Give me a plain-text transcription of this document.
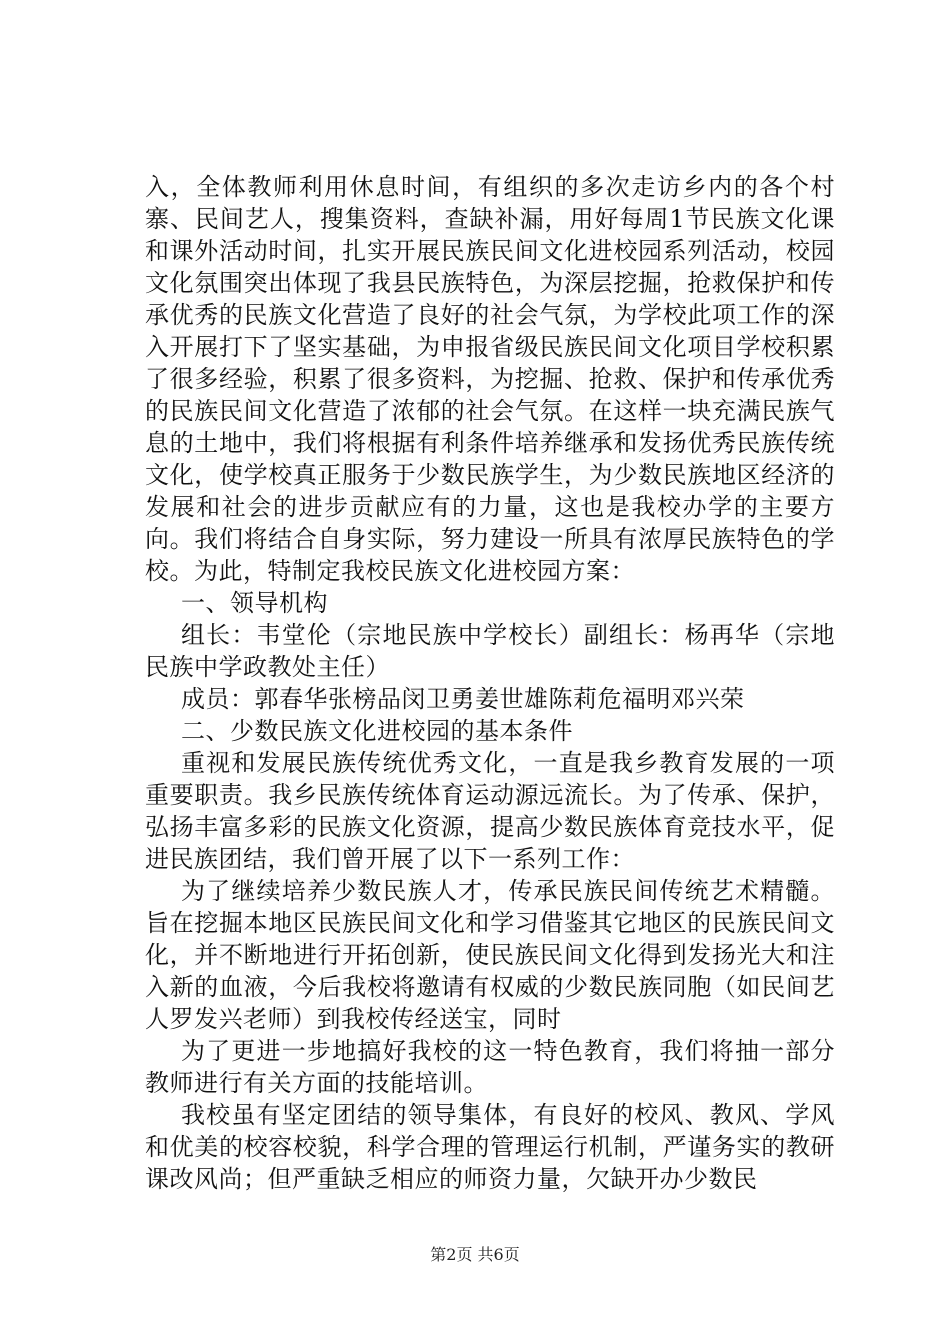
入，全体教师利用休息时间，有组织的多次走访乡内的各个村寨、民间艺人，搜集资料，查缺补漏，用好每周1节民族文化课和课外活动时间，扎实开展民族民间文化进校园系列活动，校园文化氛围突出体现了我县民族特色，为深层挖掘，抢救保护和传承优秀的民族文化营造了良好的社会气氛，为学校此项工作的深入开展打下了坚实基础，为申报省级民族民间文化项目学校积累了很多经验，积累了很多资料，为挖掘、抢救、保护和传承优秀的民族民间文化营造了浓郁的社会气氛。在这样一块充满民族气息的土地中，我们将根据有利条件培养继承和发扬优秀民族传统文化，使学校真正服务于少数民族学生，为少数民族地区经济的发展和社会的进步贡献应有的力量，这也是我校办学的主要方向。我们将结合自身实际，努力建设一所具有浓厚民族特色的学校。为此，特制定我校民族文化进校园方案：

一、领导机构

组长：韦堂伦（宗地民族中学校长）副组长：杨再华（宗地民族中学政教处主任）

成员：郭春华张榜品闵卫勇姜世雄陈莉危福明邓兴荣

二、少数民族文化进校园的基本条件

重视和发展民族传统优秀文化，一直是我乡教育发展的一项重要职责。我乡民族传统体育运动源远流长。为了传承、保护，弘扬丰富多彩的民族文化资源，提高少数民族体育竞技水平，促进民族团结，我们曾开展了以下一系列工作：

为了继续培养少数民族人才，传承民族民间传统艺术精髓。旨在挖掘本地区民族民间文化和学习借鉴其它地区的民族民间文化，并不断地进行开拓创新，使民族民间文化得到发扬光大和注入新的血液，今后我校将邀请有权威的少数民族同胞（如民间艺人罗发兴老师）到我校传经送宝，同时

为了更进一步地搞好我校的这一特色教育，我们将抽一部分教师进行有关方面的技能培训。

我校虽有坚定团结的领导集体，有良好的校风、教风、学风和优美的校容校貌，科学合理的管理运行机制，严谨务实的教研课改风尚；但严重缺乏相应的师资力量，欠缺开办少数民

第2页 共6页
